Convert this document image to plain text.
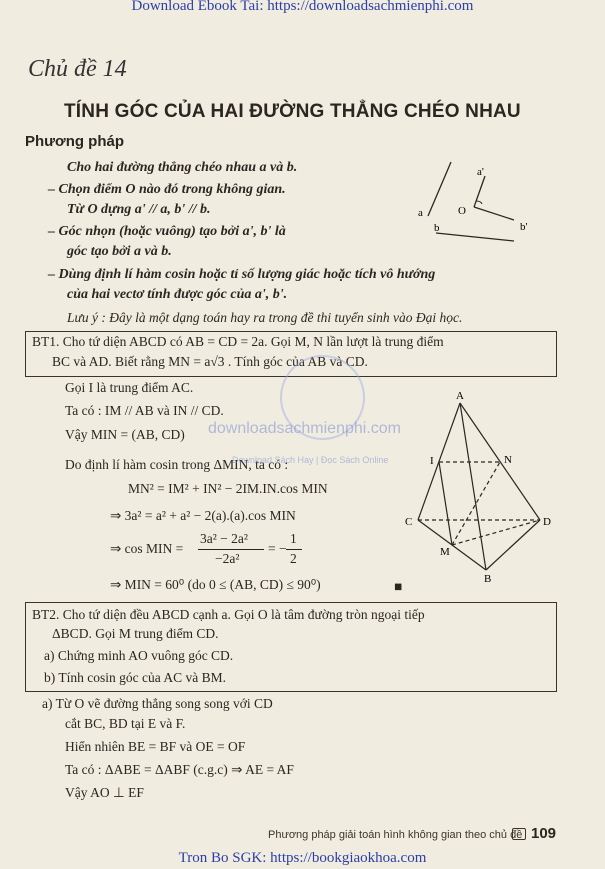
Download Ebook Tai: https://downloadsachmienphi.com
Tron Bo SGK: https://bookgiaokhoa.com
Chủ đề 14
TÍNH GÓC CỦA HAI ĐƯỜNG THẲNG CHÉO NHAU
Phương pháp
Cho hai đường thẳng chéo nhau a và b.
– Chọn điểm O nào đó trong không gian.
Từ O dựng a' // a, b' // b.
– Góc nhọn (hoặc vuông) tạo bởi a', b' là
góc tạo bởi a và b.
– Dùng định lí hàm cosin hoặc tỉ số lượng giác hoặc tích vô hướng
của hai vectơ tính được góc của a', b'.
Lưu ý : Đây là một dạng toán hay ra trong đề thi tuyển sinh vào Đại học.
a'
a	O
b	b'
BT1. Cho tứ diện ABCD có AB = CD = 2a. Gọi M, N lần lượt là trung điểm
BC và AD. Biết rằng MN = a√3 . Tính góc của AB và CD.
Gọi I là trung điểm AC.
Ta có : IM // AB và IN // CD.
Vậy MIN = (AB, CD)
Do định lí hàm cosin trong ΔMIN, ta có :
MN² = IM² + IN² − 2IM.IN.cos MIN
⇒ 3a² = a² + a² − 2(a).(a).cos MIN
⇒ cos MIN =
3a² − 2a²
−2a²
= −
1
2
⇒ MIN = 60⁰ (do 0 ≤ (AB, CD) ≤ 90⁰)	■
A
I	N
C	D
M
B
downloadsachmienphi.com
Download Sách Hay | Đọc Sách Online
BT2. Cho tứ diện đều ABCD cạnh a. Gọi O là tâm đường tròn ngoại tiếp
ΔBCD. Gọi M trung điểm CD.
a) Chứng minh AO vuông góc CD.
b) Tính cosin góc của AC và BM.
a) Từ O vẽ đường thẳng song song với CD
cắt BC, BD tại E và F.
Hiển nhiên BE = BF và OE = OF
Ta có : ΔABE = ΔABF (c.g.c) ⇒ AE = AF
Vậy AO ⊥ EF
Phương pháp giải toán hình không gian theo chủ đề 109
